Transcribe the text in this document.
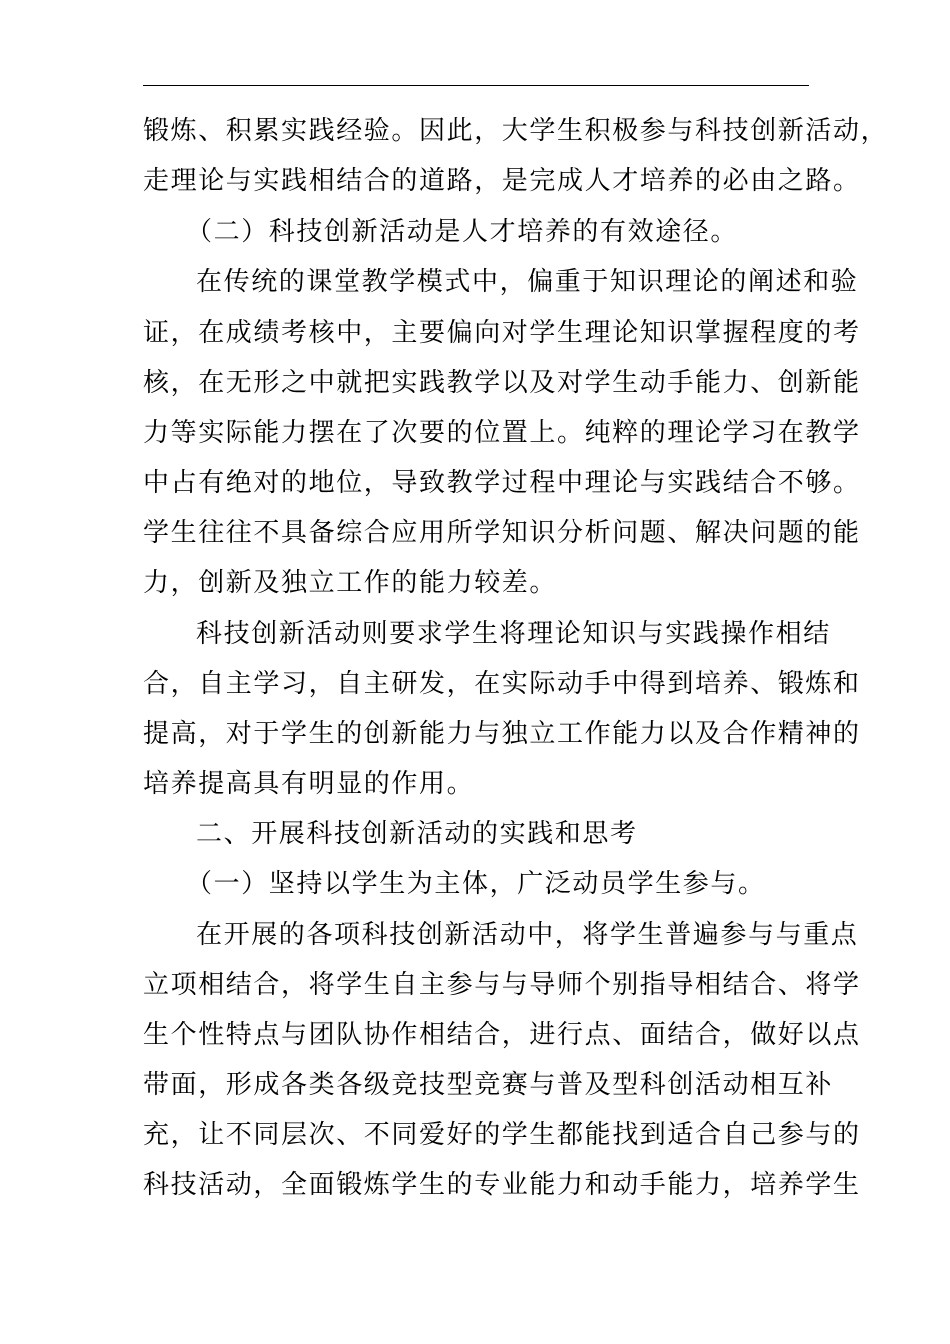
锻炼、积累实践经验。因此，大学生积极参与科技创新活动，
走理论与实践相结合的道路，是完成人才培养的必由之路。
（二）科技创新活动是人才培养的有效途径。
在传统的课堂教学模式中，偏重于知识理论的阐述和验
证，在成绩考核中，主要偏向对学生理论知识掌握程度的考
核，在无形之中就把实践教学以及对学生动手能力、创新能
力等实际能力摆在了次要的位置上。纯粹的理论学习在教学
中占有绝对的地位，导致教学过程中理论与实践结合不够。
学生往往不具备综合应用所学知识分析问题、解决问题的能
力，创新及独立工作的能力较差。
科技创新活动则要求学生将理论知识与实践操作相结
合，自主学习，自主研发，在实际动手中得到培养、锻炼和
提高，对于学生的创新能力与独立工作能力以及合作精神的
培养提高具有明显的作用。
二、开展科技创新活动的实践和思考
（一）坚持以学生为主体，广泛动员学生参与。
在开展的各项科技创新活动中，将学生普遍参与与重点
立项相结合，将学生自主参与与导师个别指导相结合、将学
生个性特点与团队协作相结合，进行点、面结合，做好以点
带面，形成各类各级竞技型竞赛与普及型科创活动相互补
充，让不同层次、不同爱好的学生都能找到适合自己参与的
科技活动，全面锻炼学生的专业能力和动手能力，培养学生
